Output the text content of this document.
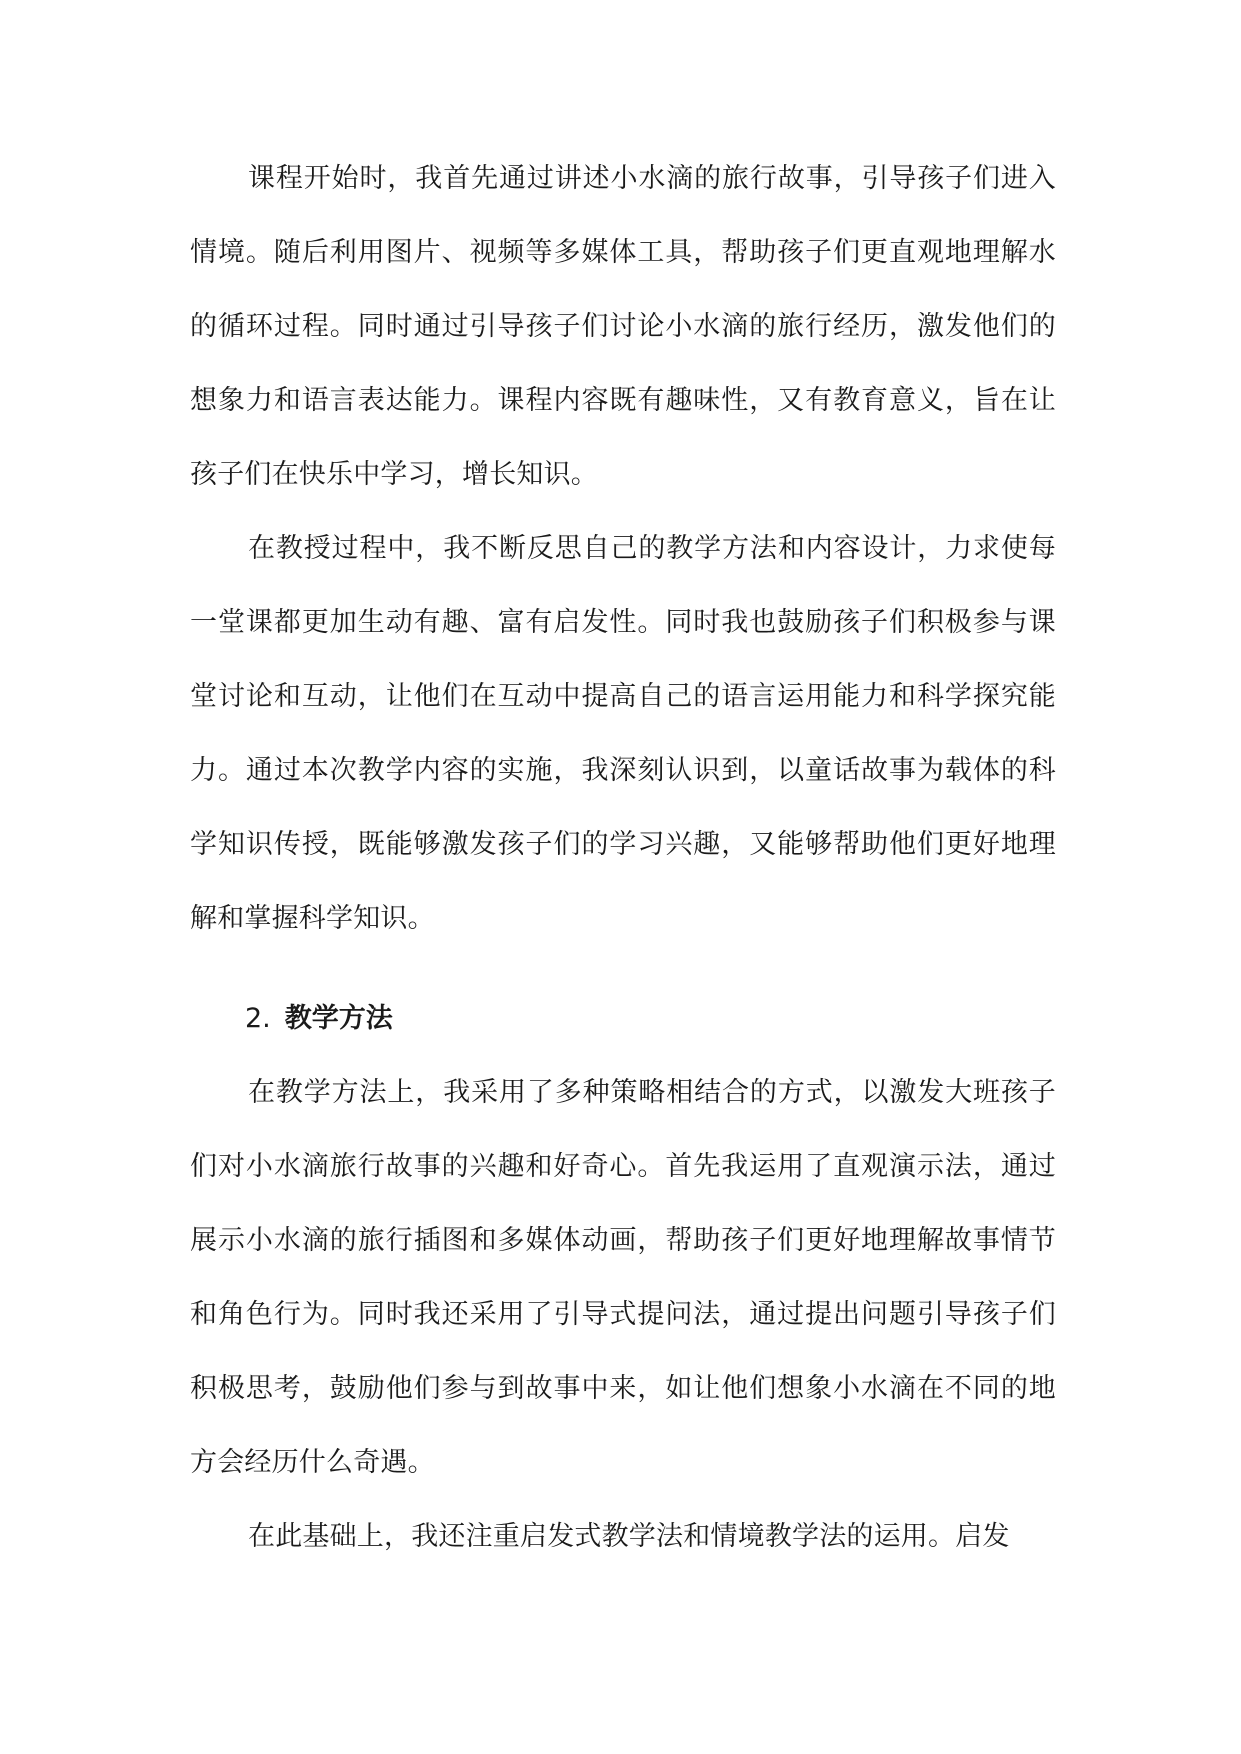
课程开始时，我首先通过讲述小水滴的旅行故事，引导孩子们进入情境。随后利用图片、视频等多媒体工具，帮助孩子们更直观地理解水的循环过程。同时通过引导孩子们讨论小水滴的旅行经历，激发他们的想象力和语言表达能力。课程内容既有趣味性，又有教育意义，旨在让孩子们在快乐中学习，增长知识。

在教授过程中，我不断反思自己的教学方法和内容设计，力求使每一堂课都更加生动有趣、富有启发性。同时我也鼓励孩子们积极参与课堂讨论和互动，让他们在互动中提高自己的语言运用能力和科学探究能力。通过本次教学内容的实施，我深刻认识到，以童话故事为载体的科学知识传授，既能够激发孩子们的学习兴趣，又能够帮助他们更好地理解和掌握科学知识。

2. 教学方法

在教学方法上，我采用了多种策略相结合的方式，以激发大班孩子们对小水滴旅行故事的兴趣和好奇心。首先我运用了直观演示法，通过展示小水滴的旅行插图和多媒体动画，帮助孩子们更好地理解故事情节和角色行为。同时我还采用了引导式提问法，通过提出问题引导孩子们积极思考，鼓励他们参与到故事中来，如让他们想象小水滴在不同的地方会经历什么奇遇。

在此基础上，我还注重启发式教学法和情境教学法的运用。启发
